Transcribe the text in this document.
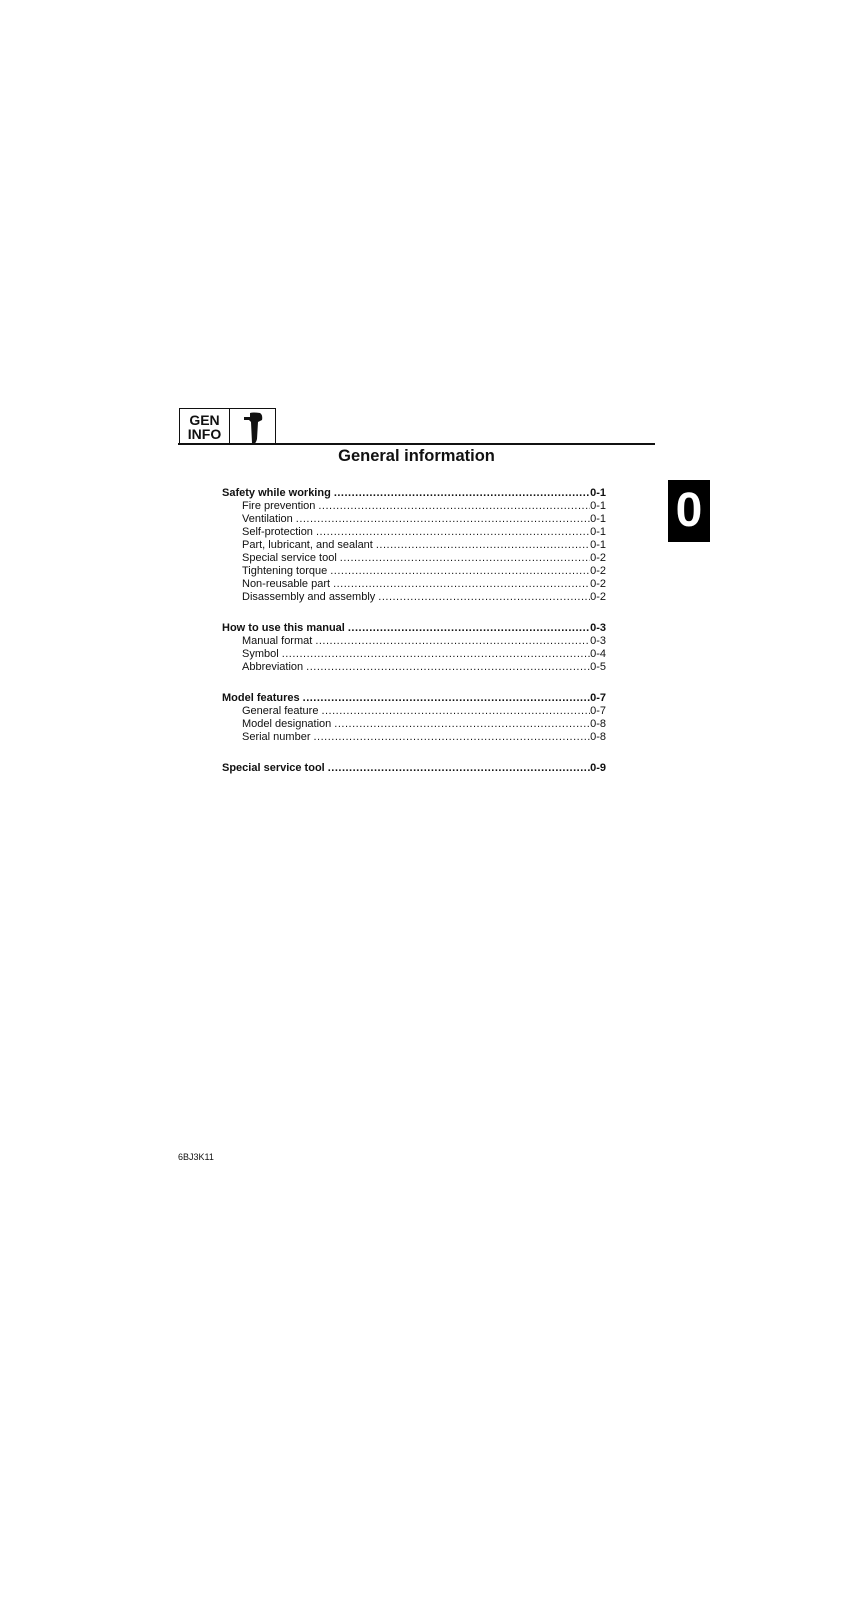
GEN
INFO
General information
0
Safety while working .....	0-1
Fire prevention .....	0-1
Ventilation .....	0-1
Self-protection .....	0-1
Part, lubricant, and sealant .....	0-1
Special service tool .....	0-2
Tightening torque .....	0-2
Non-reusable part .....	0-2
Disassembly and assembly .....	0-2
How to use this manual .....	0-3
Manual format .....	0-3
Symbol .....	0-4
Abbreviation .....	0-5
Model features .....	0-7
General feature .....	0-7
Model designation .....	0-8
Serial number .....	0-8
Special service tool .....	0-9
6BJ3K11
